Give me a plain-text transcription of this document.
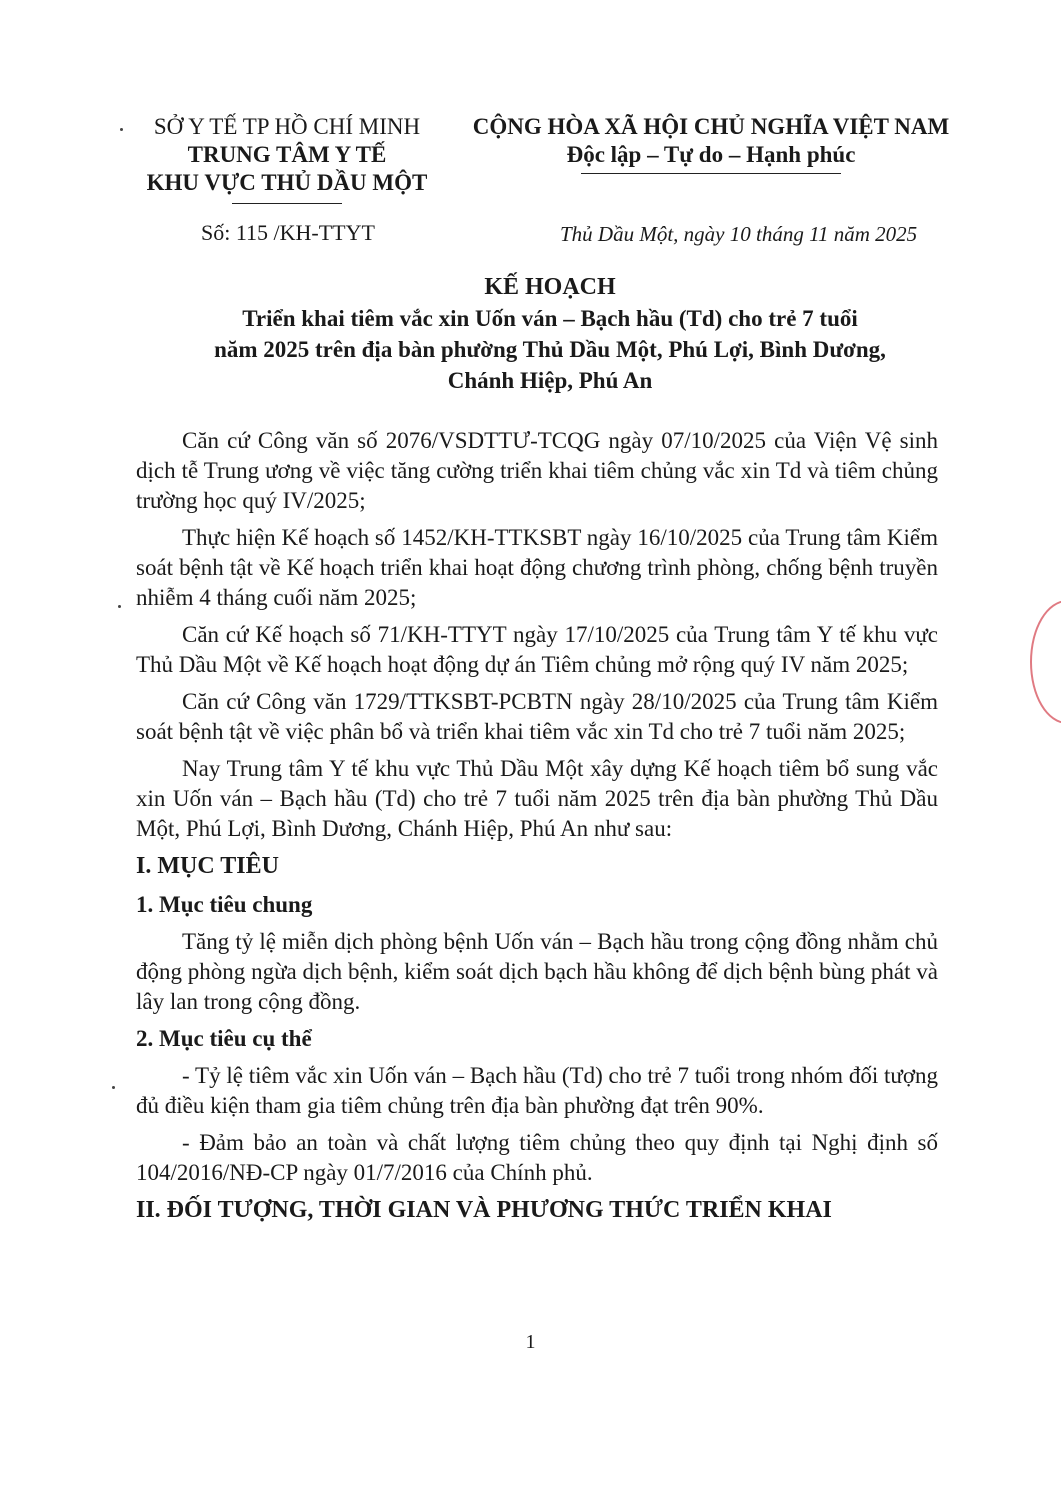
SỞ Y TẾ TP HỒ CHÍ MINH
TRUNG TÂM Y TẾ
KHU VỰC THỦ DẦU MỘT
CỘNG HÒA XÃ HỘI CHỦ NGHĨA VIỆT NAM
Độc lập – Tự do – Hạnh phúc
Số: 115 /KH-TTYT	Thủ Dầu Một, ngày 10 tháng 11 năm 2025
KẾ HOẠCH
Triển khai tiêm vắc xin Uốn ván – Bạch hầu (Td) cho trẻ 7 tuổi
năm 2025 trên địa bàn phường Thủ Dầu Một, Phú Lợi, Bình Dương,
Chánh Hiệp, Phú An

Căn cứ Công văn số 2076/VSDTTƯ-TCQG ngày 07/10/2025 của Viện Vệ sinh dịch tễ Trung ương về việc tăng cường triển khai tiêm chủng vắc xin Td và tiêm chủng trường học quý IV/2025;

Thực hiện Kế hoạch số 1452/KH-TTKSBT ngày 16/10/2025 của Trung tâm Kiểm soát bệnh tật về Kế hoạch triển khai hoạt động chương trình phòng, chống bệnh truyền nhiễm 4 tháng cuối năm 2025;

Căn cứ Kế hoạch số 71/KH-TTYT ngày 17/10/2025 của Trung tâm Y tế khu vực Thủ Dầu Một về Kế hoạch hoạt động dự án Tiêm chủng mở rộng quý IV năm 2025;

Căn cứ Công văn 1729/TTKSBT-PCBTN ngày 28/10/2025 của Trung tâm Kiểm soát bệnh tật về việc phân bổ và triển khai tiêm vắc xin Td cho trẻ 7 tuổi năm 2025;

Nay Trung tâm Y tế khu vực Thủ Dầu Một xây dựng Kế hoạch tiêm bổ sung vắc xin Uốn ván – Bạch hầu (Td) cho trẻ 7 tuổi năm 2025 trên địa bàn phường Thủ Dầu Một, Phú Lợi, Bình Dương, Chánh Hiệp, Phú An như sau:

I. MỤC TIÊU
1. Mục tiêu chung

Tăng tỷ lệ miễn dịch phòng bệnh Uốn ván – Bạch hầu trong cộng đồng nhằm chủ động phòng ngừa dịch bệnh, kiểm soát dịch bạch hầu không để dịch bệnh bùng phát và lây lan trong cộng đồng.

2. Mục tiêu cụ thể

- Tỷ lệ tiêm vắc xin Uốn ván – Bạch hầu (Td) cho trẻ 7 tuổi trong nhóm đối tượng đủ điều kiện tham gia tiêm chủng trên địa bàn phường đạt trên 90%.

- Đảm bảo an toàn và chất lượng tiêm chủng theo quy định tại Nghị định số 104/2016/NĐ-CP ngày 01/7/2016 của Chính phủ.

II. ĐỐI TƯỢNG, THỜI GIAN VÀ PHƯƠNG THỨC TRIỂN KHAI
1
